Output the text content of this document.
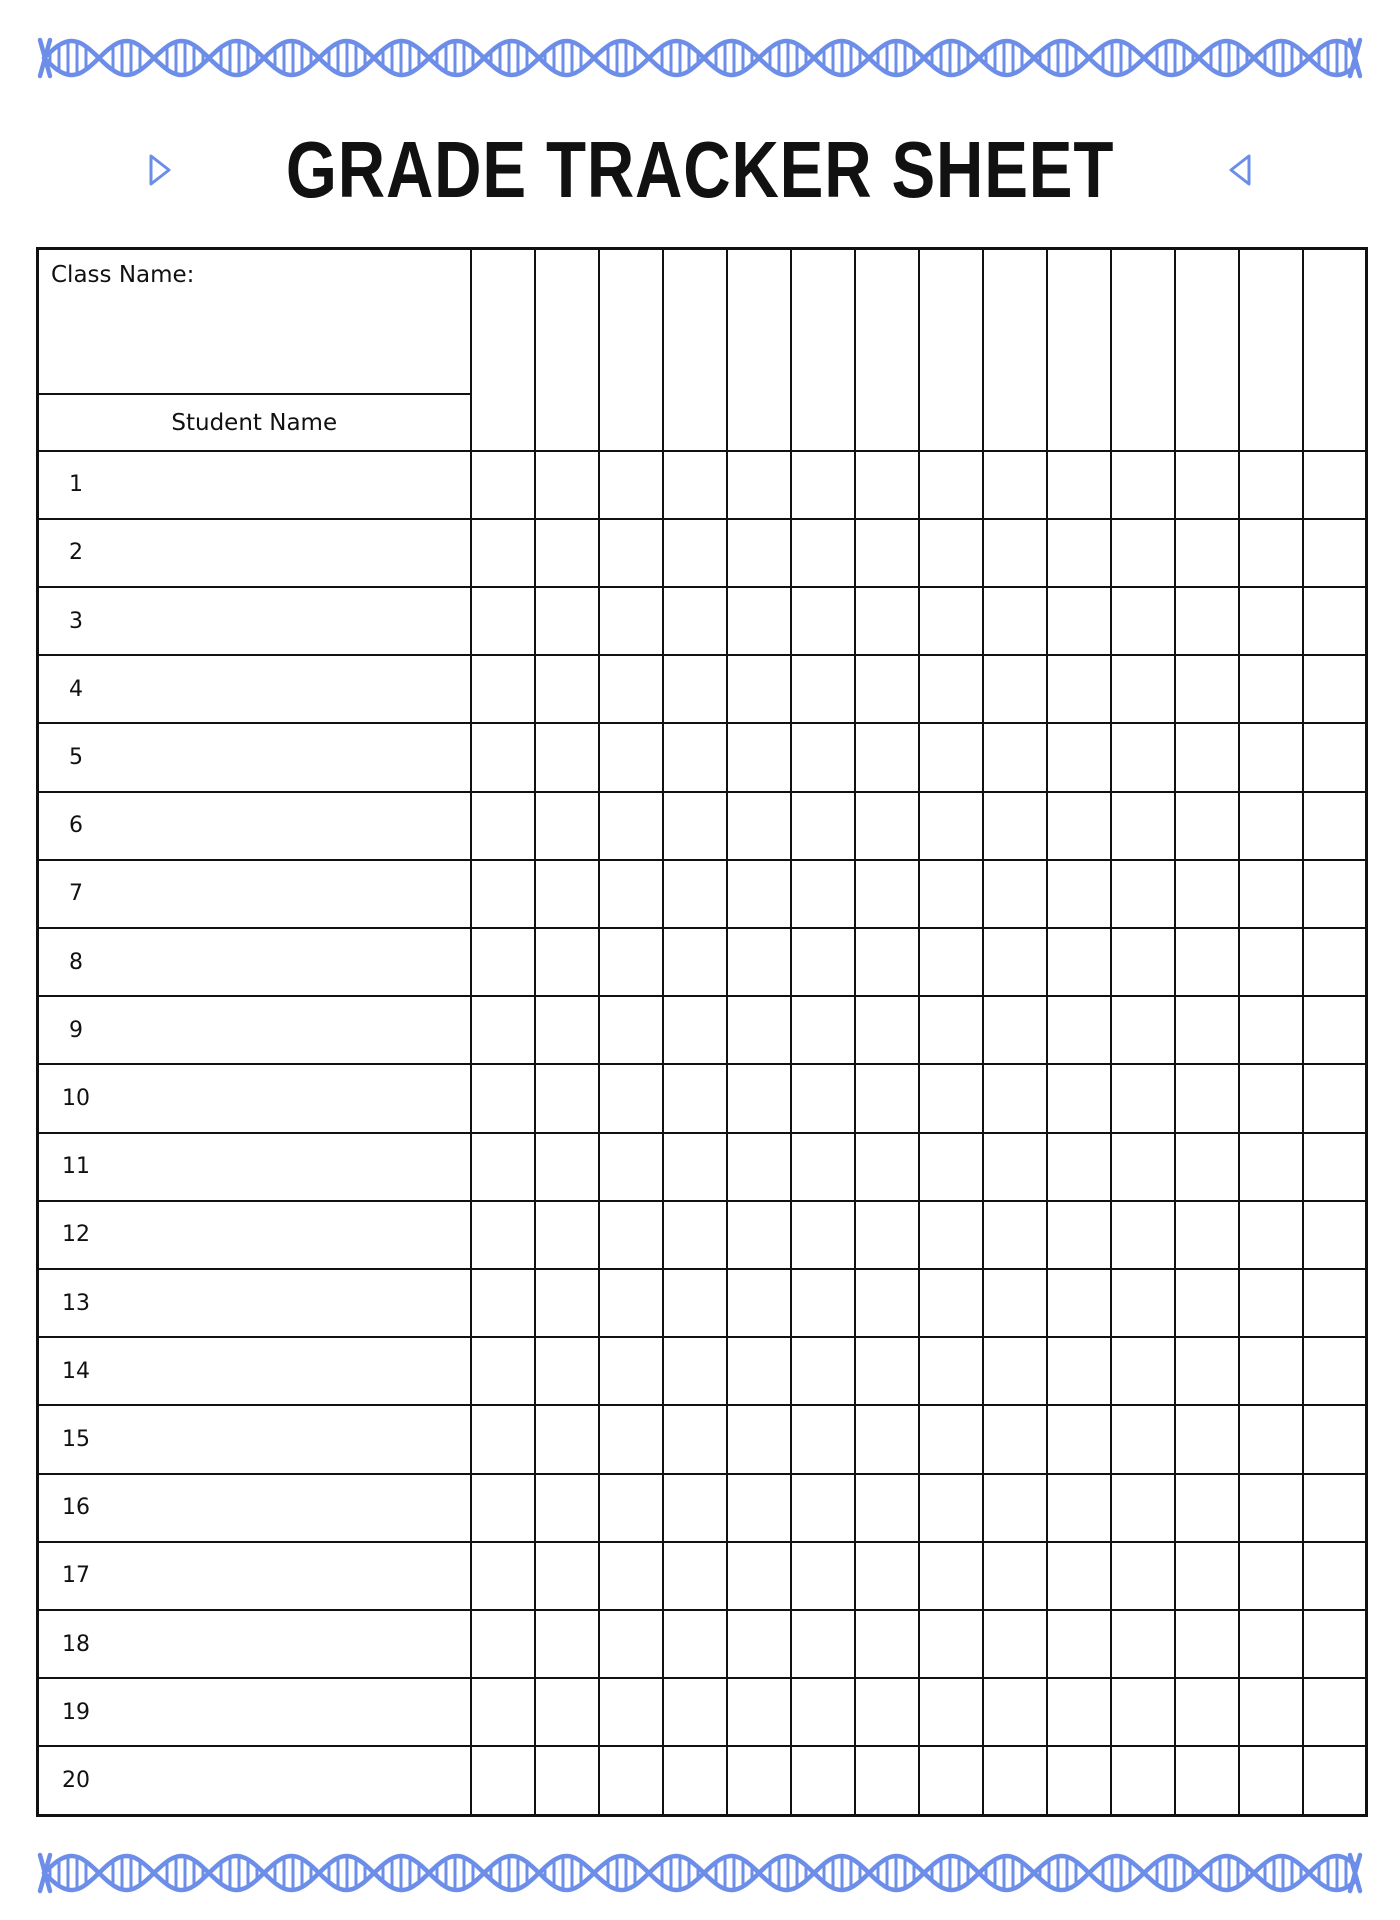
GRADE TRACKER SHEET
Class Name:														

Student Name														
1														
2														
3														
4														
5														
6														
7														
8														
9														
10														
11														
12														
13														
14														
15														
16														
17														
18														
19														
20														
